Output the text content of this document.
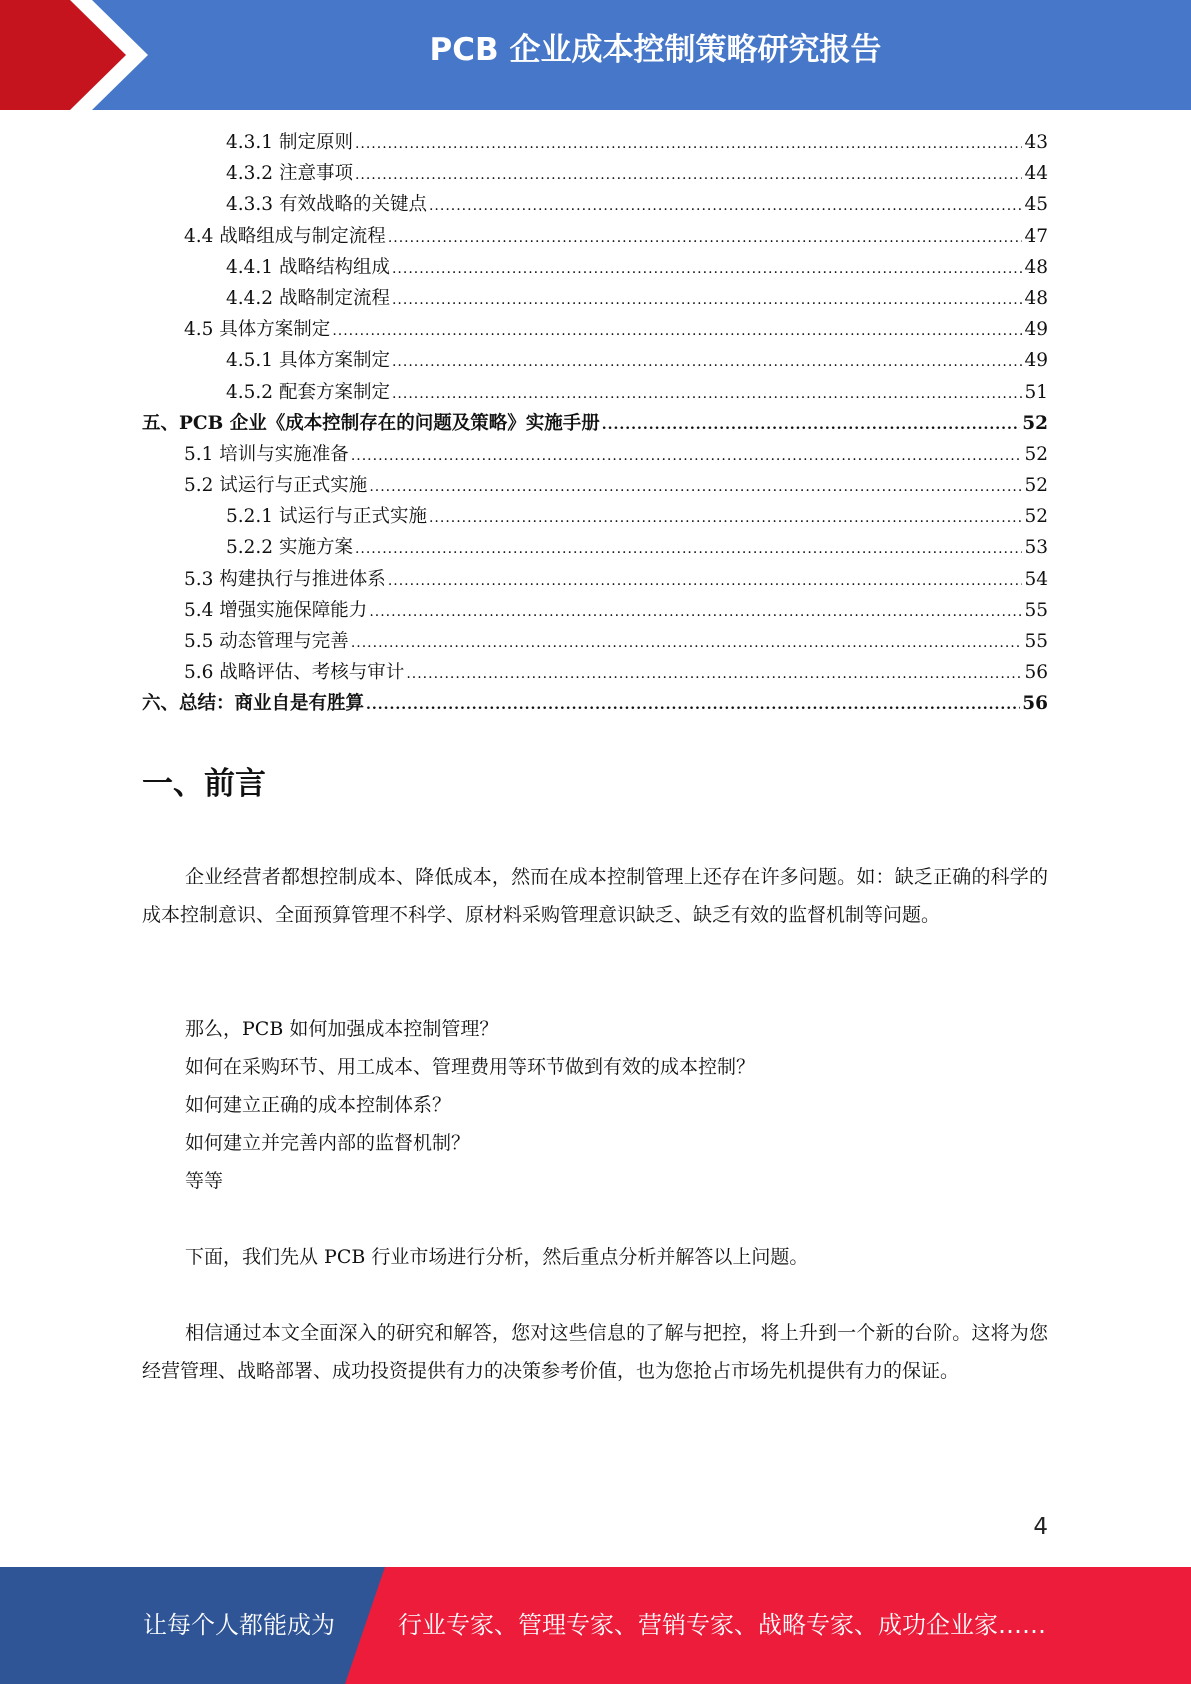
PCB 企业成本控制策略研究报告
4.3.1 制定原则 .....	43
4.3.2 注意事项 .....	44
4.3.3 有效战略的关键点 .....	45
4.4 战略组成与制定流程 .....	47
4.4.1 战略结构组成 .....	48
4.4.2 战略制定流程 .....	48
4.5 具体方案制定 .....	49
4.5.1 具体方案制定 .....	49
4.5.2 配套方案制定 .....	51
五、PCB 企业《成本控制存在的问题及策略》实施手册 .....	52
5.1 培训与实施准备 .....	52
5.2 试运行与正式实施 .....	52
5.2.1 试运行与正式实施 .....	52
5.2.2 实施方案 .....	53
5.3 构建执行与推进体系 .....	54
5.4 增强实施保障能力 .....	55
5.5 动态管理与完善 .....	55
5.6 战略评估、考核与审计 .....	56
六、总结：商业自是有胜算 .....	56
一、前言

企业经营者都想控制成本、降低成本，然而在成本控制管理上还存在许多问题。如：缺乏正确的科学的成本控制意识、全面预算管理不科学、原材料采购管理意识缺乏、缺乏有效的监督机制等问题。

那么，PCB 如何加强成本控制管理？
如何在采购环节、用工成本、管理费用等环节做到有效的成本控制？
如何建立正确的成本控制体系？
如何建立并完善内部的监督机制？
等等

下面，我们先从 PCB 行业市场进行分析，然后重点分析并解答以上问题。

相信通过本文全面深入的研究和解答，您对这些信息的了解与把控，将上升到一个新的台阶。这将为您经营管理、战略部署、成功投资提供有力的决策参考价值，也为您抢占市场先机提供有力的保证。

4
让每个人都能成为	行业专家、管理专家、营销专家、战略专家、成功企业家……
